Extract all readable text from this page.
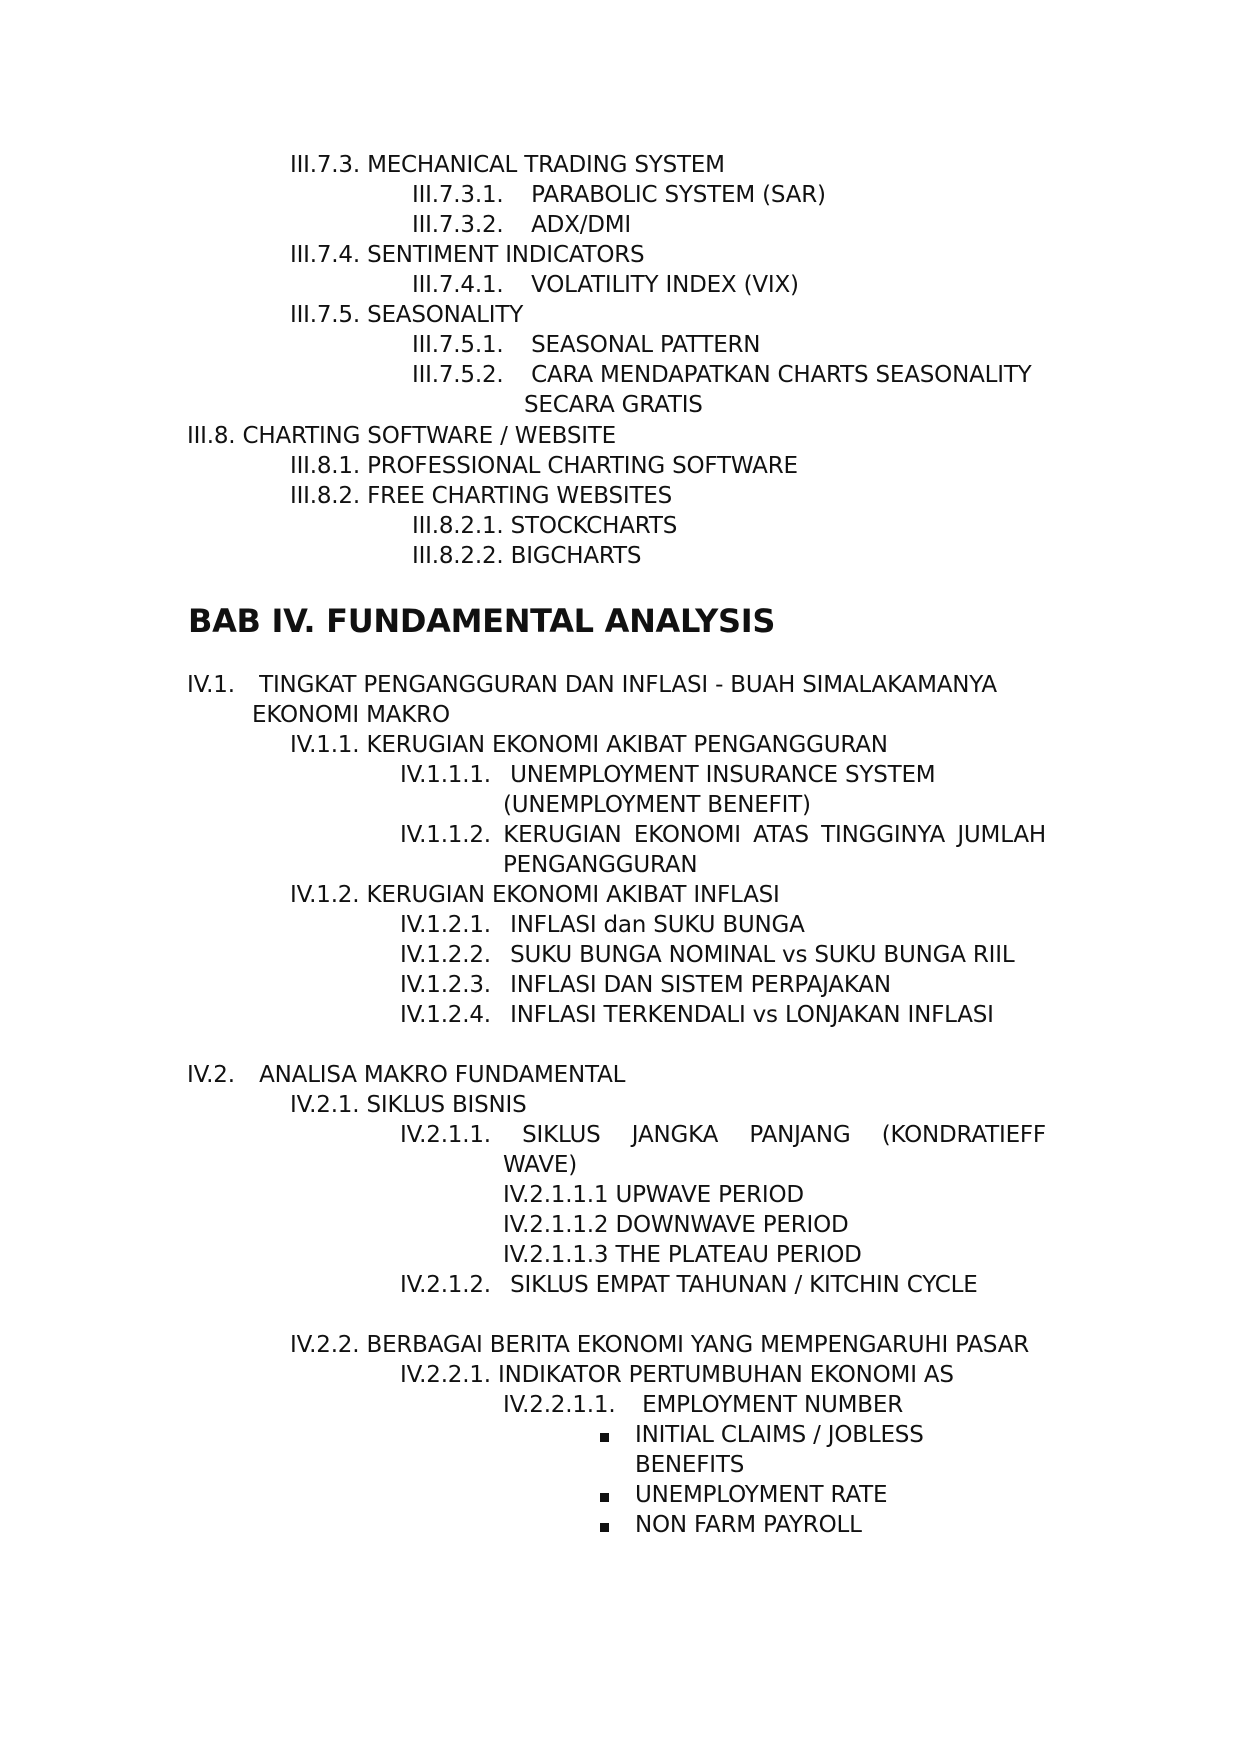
III.7.3. MECHANICAL TRADING SYSTEM
III.7.3.1. PARABOLIC SYSTEM (SAR)
III.7.3.2. ADX/DMI
III.7.4. SENTIMENT INDICATORS
III.7.4.1. VOLATILITY INDEX (VIX)
III.7.5. SEASONALITY
III.7.5.1. SEASONAL PATTERN
III.7.5.2. CARA MENDAPATKAN CHARTS SEASONALITY
SECARA GRATIS
III.8. CHARTING SOFTWARE / WEBSITE
III.8.1. PROFESSIONAL CHARTING SOFTWARE
III.8.2. FREE CHARTING WEBSITES
III.8.2.1. STOCKCHARTS
III.8.2.2. BIGCHARTS
BAB IV. FUNDAMENTAL ANALYSIS
IV.1. TINGKAT PENGANGGURAN DAN INFLASI - BUAH SIMALAKAMANYA
EKONOMI MAKRO
IV.1.1. KERUGIAN EKONOMI AKIBAT PENGANGGURAN
IV.1.1.1. UNEMPLOYMENT INSURANCE SYSTEM
(UNEMPLOYMENT BENEFIT)
IV.1.1.2. KERUGIAN EKONOMI ATAS TINGGINYA JUMLAH
PENGANGGURAN
IV.1.2. KERUGIAN EKONOMI AKIBAT INFLASI
IV.1.2.1. INFLASI dan SUKU BUNGA
IV.1.2.2. SUKU BUNGA NOMINAL vs SUKU BUNGA RIIL
IV.1.2.3. INFLASI DAN SISTEM PERPAJAKAN
IV.1.2.4. INFLASI TERKENDALI vs LONJAKAN INFLASI
IV.2. ANALISA MAKRO FUNDAMENTAL
IV.2.1. SIKLUS BISNIS
IV.2.1.1. SIKLUS JANGKA PANJANG (KONDRATIEFF
WAVE)
IV.2.1.1.1 UPWAVE PERIOD
IV.2.1.1.2 DOWNWAVE PERIOD
IV.2.1.1.3 THE PLATEAU PERIOD
IV.2.1.2. SIKLUS EMPAT TAHUNAN / KITCHIN CYCLE
IV.2.2. BERBAGAI BERITA EKONOMI YANG MEMPENGARUHI PASAR
IV.2.2.1. INDIKATOR PERTUMBUHAN EKONOMI AS
IV.2.2.1.1. EMPLOYMENT NUMBER
INITIAL CLAIMS / JOBLESS
BENEFITS
UNEMPLOYMENT RATE
NON FARM PAYROLL
